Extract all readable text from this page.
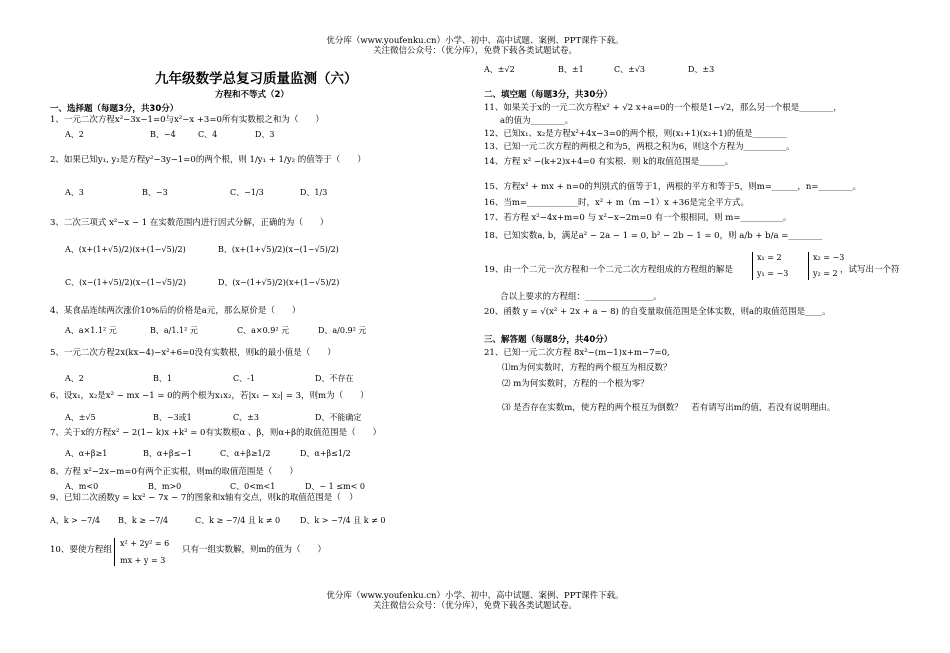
优分库（www.youfenku.cn）小学、初中、高中试题、案例、PPT课件下载。
关注微信公众号：（优分库），免费下载各类试题试卷。
九年级数学总复习质量监测（六）
方程和不等式（2）
一、选择题（每题3分，共30分）
1、一元二次方程x²−3x−1=0与x²−x +3=0所有实数根之和为（　　）
A、2	B、−4	C、4	D、3
2、如果已知y₁, y₂是方程y²−3y−1=0的两个根，则 1/y₁ + 1/y₂ 的值等于（　　）
A、3	B、−3	C、−1/3	D、1/3
3、二次三项式 x²−x − 1 在实数范围内进行因式分解，正确的为（　　）
A、(x+(1+√5)/2)(x+(1−√5)/2)	B、(x+(1+√5)/2)(x−(1−√5)/2)
C、(x−(1+√5)/2)(x−(1−√5)/2)	D、(x−(1+√5)/2)(x+(1−√5)/2)
4、某食品连续两次涨价10%后的价格是a元，那么原价是（　　）
A、a×1.1² 元	B、a/1.1² 元	C、a×0.9² 元	D、a/0.9² 元
5、一元二次方程2x(kx−4)−x²+6=0没有实数根，则k的最小值是（　　）
A、2	B、1	C、-1	D、不存在
6、设x₁，x₂是x² − mx −1 = 0的两个根为x₁x₂，若|x₁ − x₂| = 3，则m为（　　）
A、±√5	B、−3或1	C、±3	D、不能确定
7、关于x的方程x² − 2(1− k)x +k² = 0有实数根α 、β，则α+β的取值范围是（　　）
A、α+β≥1	B、α+β≤−1	C、α+β≥1/2	D、α+β≤1/2
8、方程 x²−2x−m=0有两个正实根，则m的取值范围是（　　）
A、m<0	B、m>0	C、0<m<1	D、− 1 ≤m< 0
9、已知二次函数y = kx² − 7x − 7的图象和x轴有交点，则k的取值范围是（　）
A、k > −7/4 B、k ≥ −7/4	C、k ≥ −7/4 且 k ≠ 0 D、k > −7/4 且 k ≠ 0
10、要使方程组
x² + 2y² = 6
mx + y = 3
只有一组实数解，则m的值为（　　）
A、±√2	B、±1	C、±√3	D、±3
二、填空题（每题3分，共30分）
11、如果关于x的一元二次方程x² + √2 x+a=0的一个根是1−√2，那么另一个根是________，
a的值为________。
12、已知x₁、x₂是方程x²+4x−3=0的两个根，则(x₁+1)(x₂+1)的值是________
13、已知一元二次方程的两根之和为5，两根之积为6，则这个方程为__________。
14、方程 x² −(k+2)x+4=0 有实根．则 k的取值范围是______。
15、方程x² + mx + n=0的判别式的值等于1，两根的平方和等于5，则m=______，n=________。
16、当m=____________时，x² + m（m −1）x +36是完全平方式。
17、若方程 x²−4x+m=0 与 x²−x−2m=0 有一个根相同，则 m=__________。
18、已知实数a, b，满足a² − 2a − 1 = 0, b² − 2b − 1 = 0，则 a/b + b/a =________
19、由一个二元一次方程和一个二元二次方程组成的方程组的解是
x₁ = 2
y₁ = −3
x₂ = −3
y₂ = 2 ，试写出一个符
合以上要求的方程组：________________。
20、函数 y = √(x² + 2x + a − 8) 的自变量取值范围是全体实数，则a的取值范围是____。
三、解答题（每题8分，共40分）
21、已知一元二次方程 8x²−(m−1)x+m−7=0,
⑴m为何实数时，方程的两个根互为相反数？
⑵ m为何实数时，方程的一个根为零？
⑶ 是否存在实数m，使方程的两个根互为倒数？　若有请写出m的值，若没有说明理由。
优分库（www.youfenku.cn）小学、初中、高中试题、案例、PPT课件下载。
关注微信公众号：（优分库），免费下载各类试题试卷。
